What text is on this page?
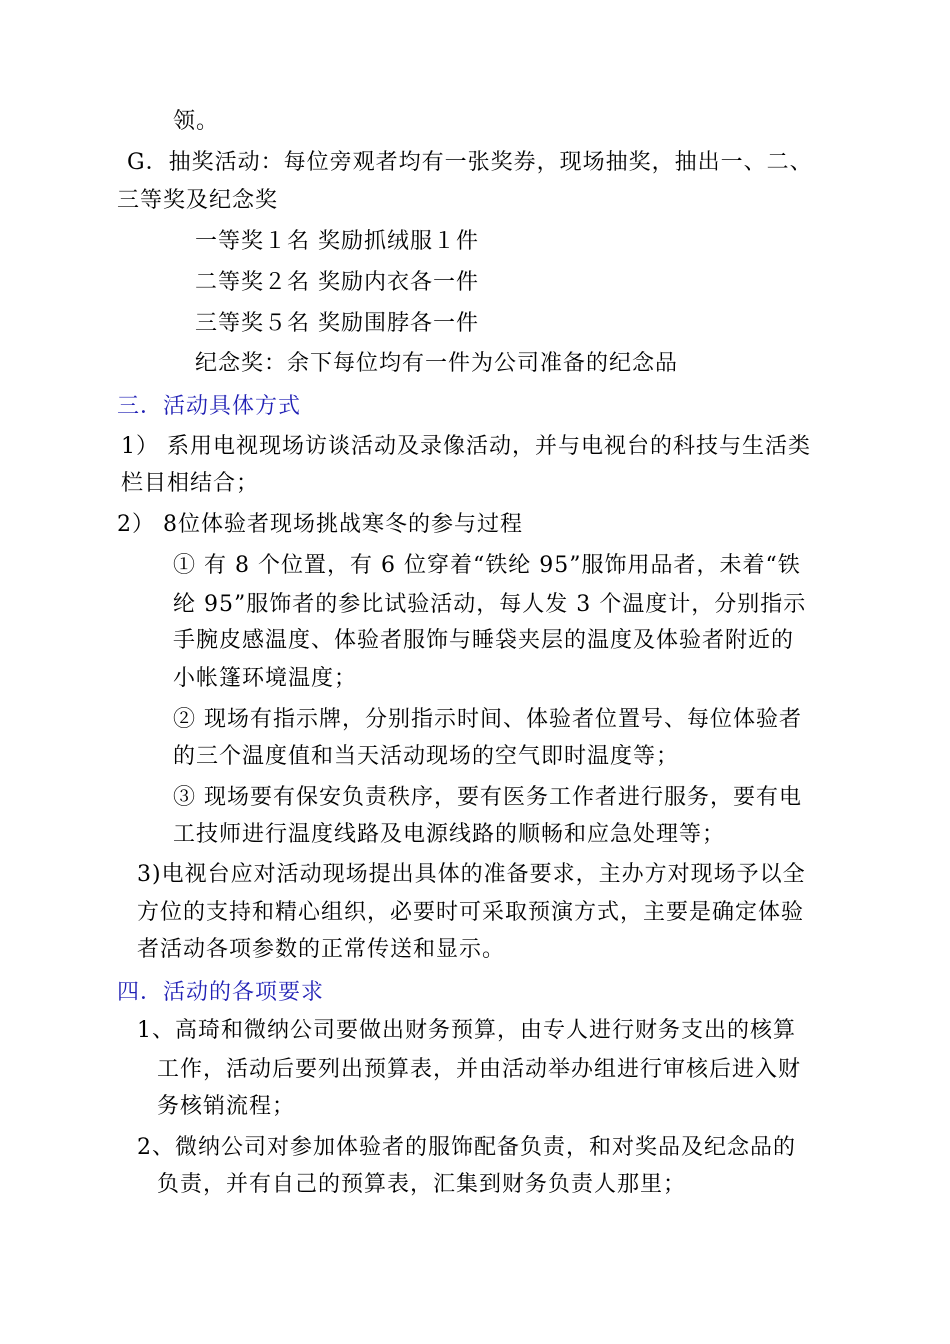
领。
G．抽奖活动：每位旁观者均有一张奖券，现场抽奖，抽出一、二、
三等奖及纪念奖
一等奖１名 奖励抓绒服１件
二等奖２名 奖励内衣各一件
三等奖５名 奖励围脖各一件
纪念奖：余下每位均有一件为公司准备的纪念品
三．活动具体方式
1） 系用电视现场访谈活动及录像活动，并与电视台的科技与生活类
栏目相结合；
2） 8位体验者现场挑战寒冬的参与过程
① 有 8 个位置，有 6 位穿着“铁纶 95”服饰用品者，未着“铁
纶 95”服饰者的参比试验活动，每人发 3 个温度计，分别指示
手腕皮感温度、体验者服饰与睡袋夹层的温度及体验者附近的
小帐篷环境温度；
② 现场有指示牌，分别指示时间、体验者位置号、每位体验者
的三个温度值和当天活动现场的空气即时温度等；
③ 现场要有保安负责秩序，要有医务工作者进行服务，要有电
工技师进行温度线路及电源线路的顺畅和应急处理等；
3)电视台应对活动现场提出具体的准备要求，主办方对现场予以全
方位的支持和精心组织，必要时可采取预演方式，主要是确定体验
者活动各项参数的正常传送和显示。
四．活动的各项要求
1、高琦和微纳公司要做出财务预算，由专人进行财务支出的核算
工作，活动后要列出预算表，并由活动举办组进行审核后进入财
务核销流程；
2、微纳公司对参加体验者的服饰配备负责，和对奖品及纪念品的
负责，并有自己的预算表，汇集到财务负责人那里；
